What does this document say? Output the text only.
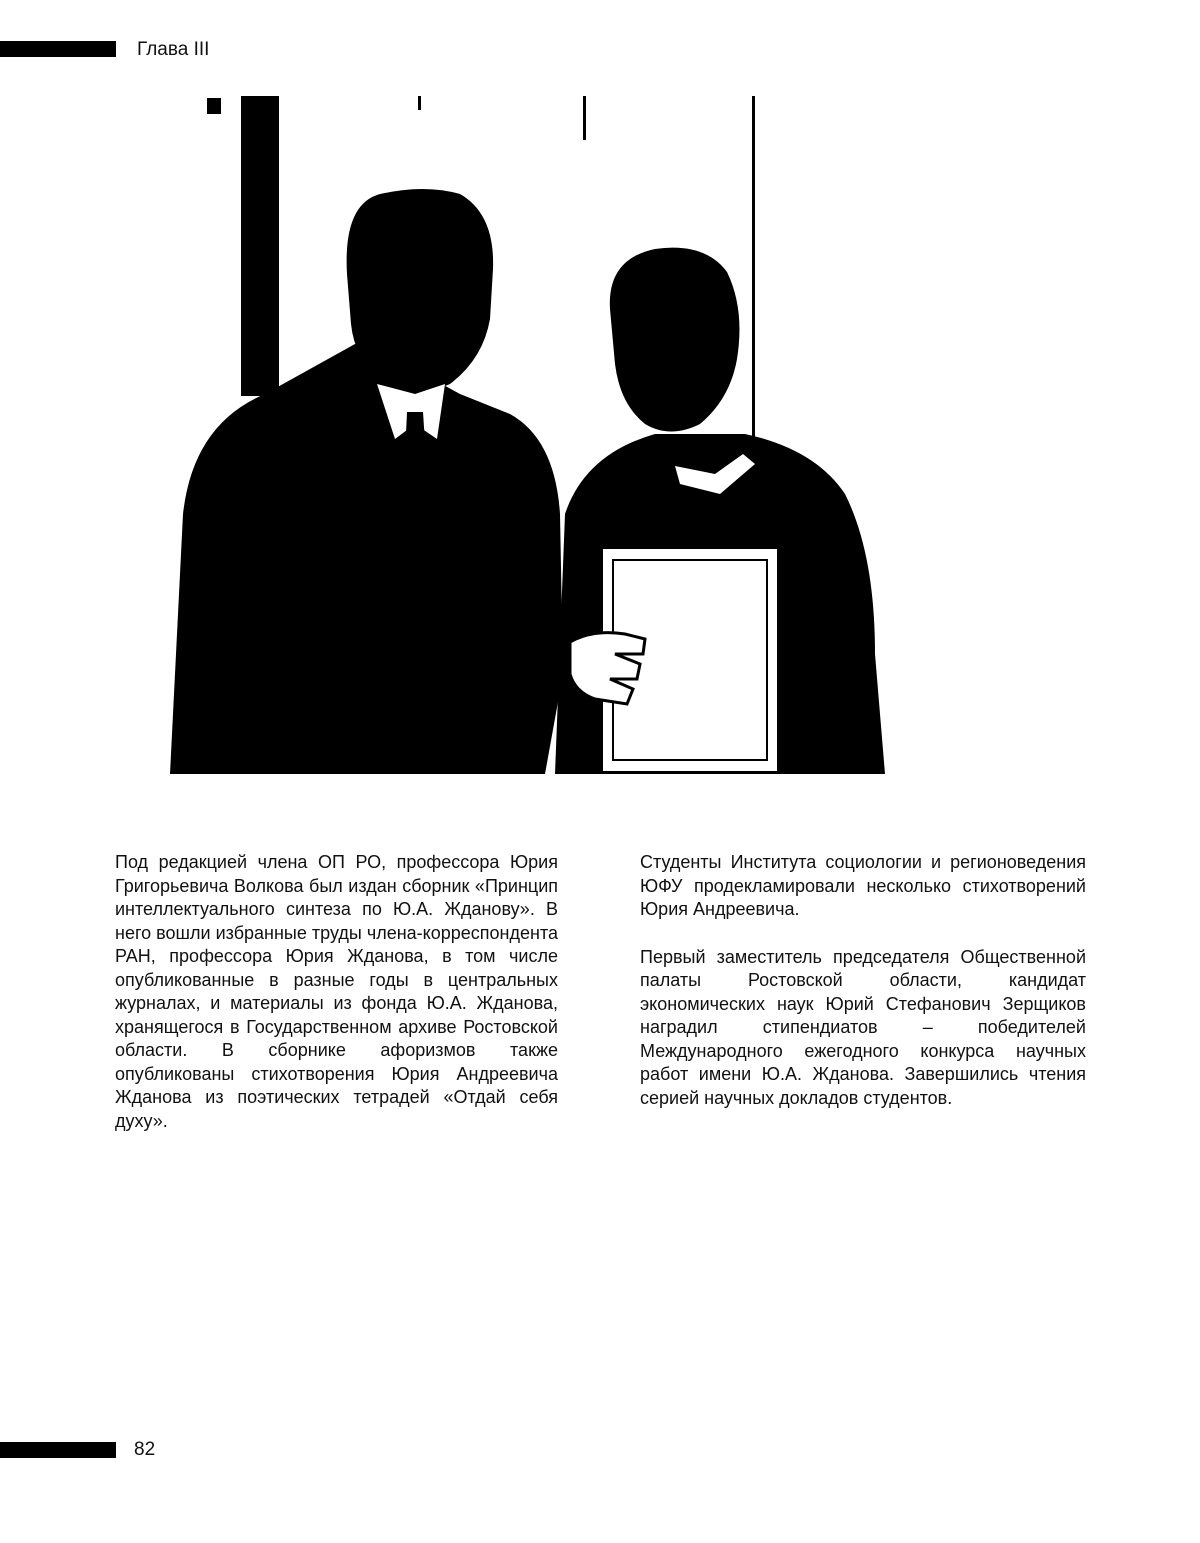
Глава III

Под редакцией члена ОП РО, профессора Юрия Григорьевича Волкова был издан сборник «Принцип интеллектуального синтеза по Ю.А. Жданову». В него вошли избранные труды члена-корреспондента РАН, профессора Юрия Жданова, в том числе опубликованные в разные годы в центральных журналах, и материалы из фонда Ю.А. Жданова, хранящегося в Государственном архиве Ростовской области. В сборнике афоризмов также опубликованы стихотворения Юрия Андреевича Жданова из поэтических тетрадей «Отдай себя духу».

Студенты Института социологии и регионоведения ЮФУ продекламировали несколько стихотворений Юрия Андреевича.

Первый заместитель председателя Общественной палаты Ростовской области, кандидат экономических наук Юрий Стефанович Зерщиков наградил стипендиатов – победителей Международного ежегодного конкурса научных работ имени Ю.А. Жданова. Завершились чтения серией научных докладов студентов.

82
